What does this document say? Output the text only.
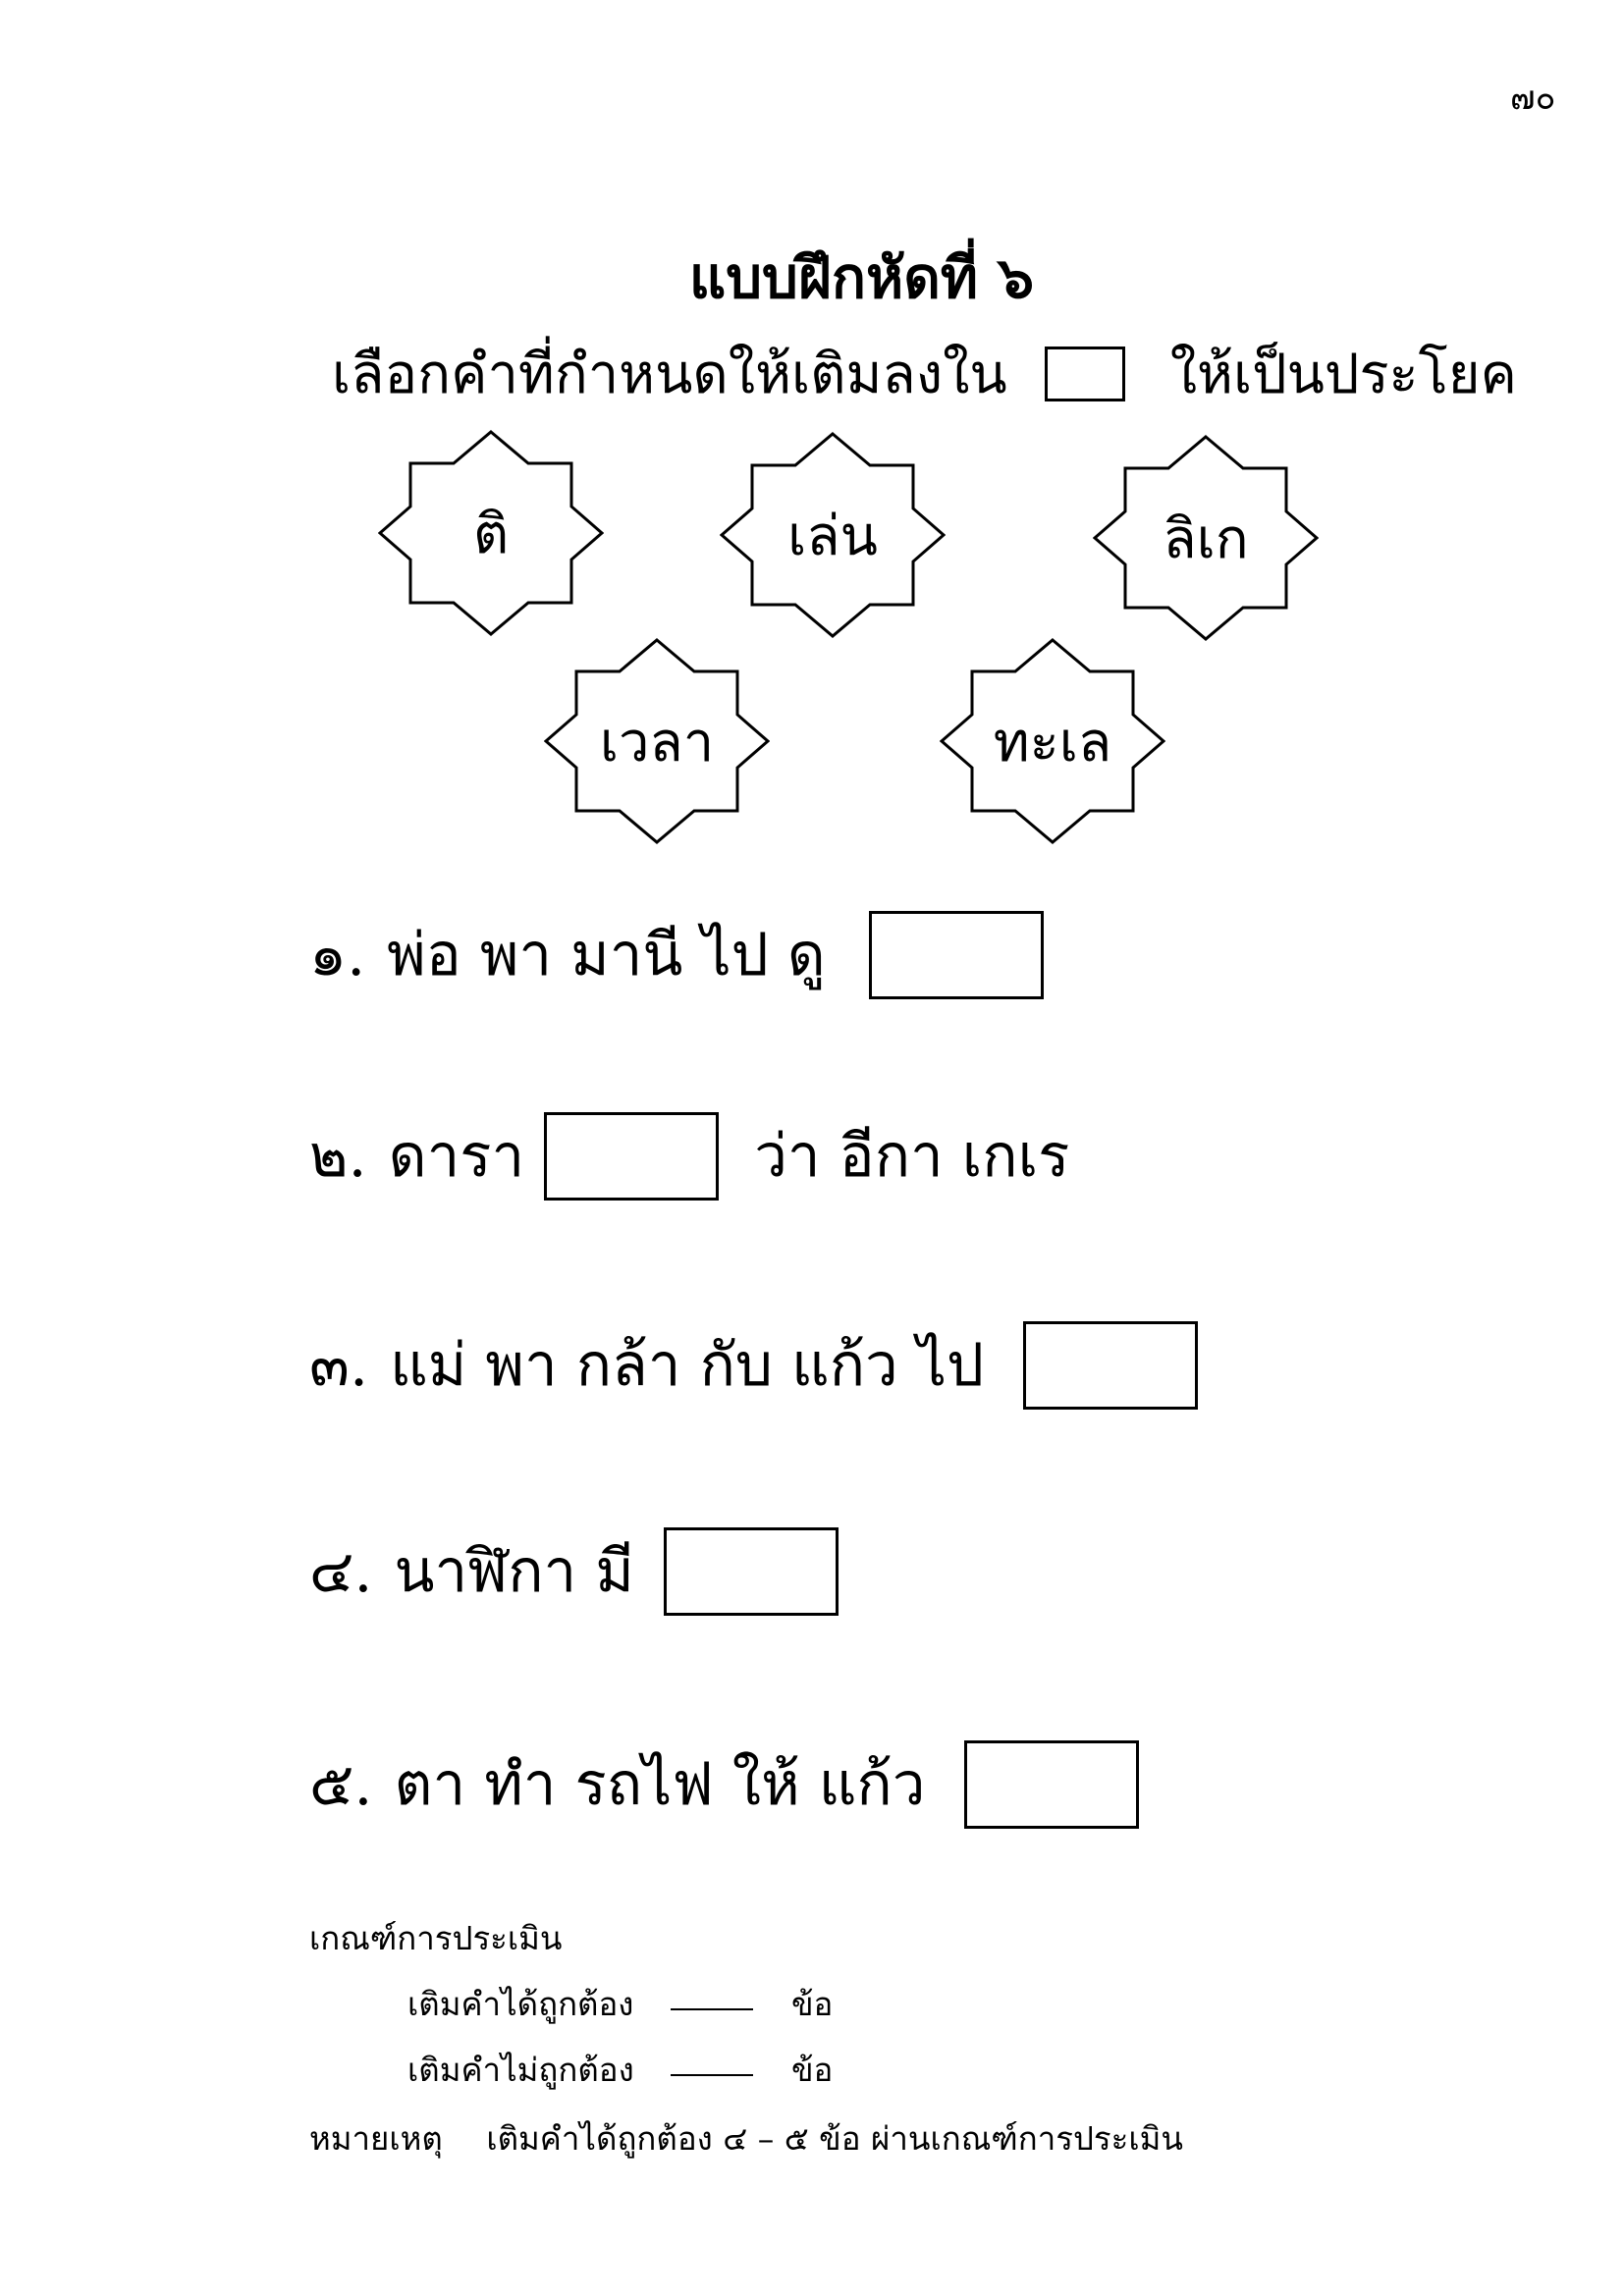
๗๐
แบบฝึกหัดที่ ๖
เลือกคำที่กำหนดให้เติมลงใน	ให้เป็นประโยค
ติ	เล่น	ลิเก
เวลา	ทะเล
๑. พ่อ พา มานี ไป ดู
๒. ดารา	ว่า อีกา เกเร
๓. แม่ พา กล้า กับ แก้ว ไป
๔. นาฬิกา มี
๕. ตา ทำ รถไฟ ให้ แก้ว
เกณฑ์การประเมิน
เติมคำได้ถูกต้อง	ข้อ
เติมคำไม่ถูกต้อง	ข้อ
หมายเหตุ เติมคำได้ถูกต้อง ๔ – ๕ ข้อ ผ่านเกณฑ์การประเมิน
